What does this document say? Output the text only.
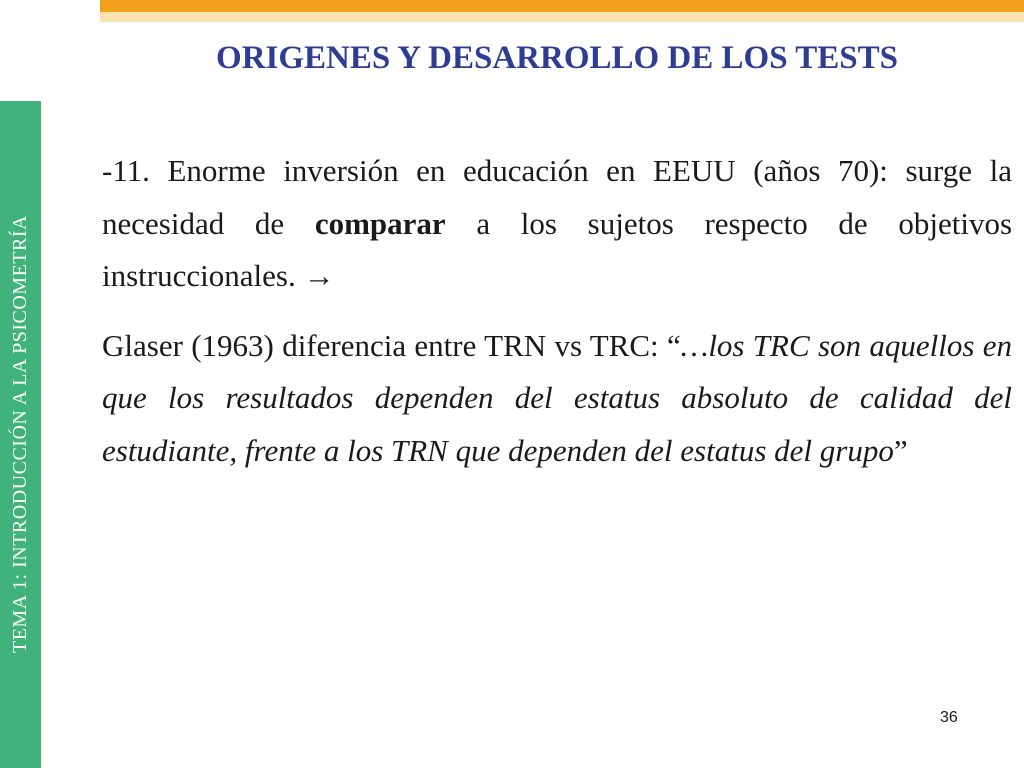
TEMA 1: INTRODUCCIÓN A LA PSICOMETRÍA
ORIGENES Y DESARROLLO DE LOS TESTS

-11. Enorme inversión en educación en EEUU (años 70): surge la necesidad de comparar a los sujetos respecto de objetivos instruccionales. →

Glaser (1963) diferencia entre TRN vs TRC: “…los TRC son aquellos en que los resultados dependen del estatus absoluto de calidad del estudiante, frente a los TRN que dependen del estatus del grupo”

36
